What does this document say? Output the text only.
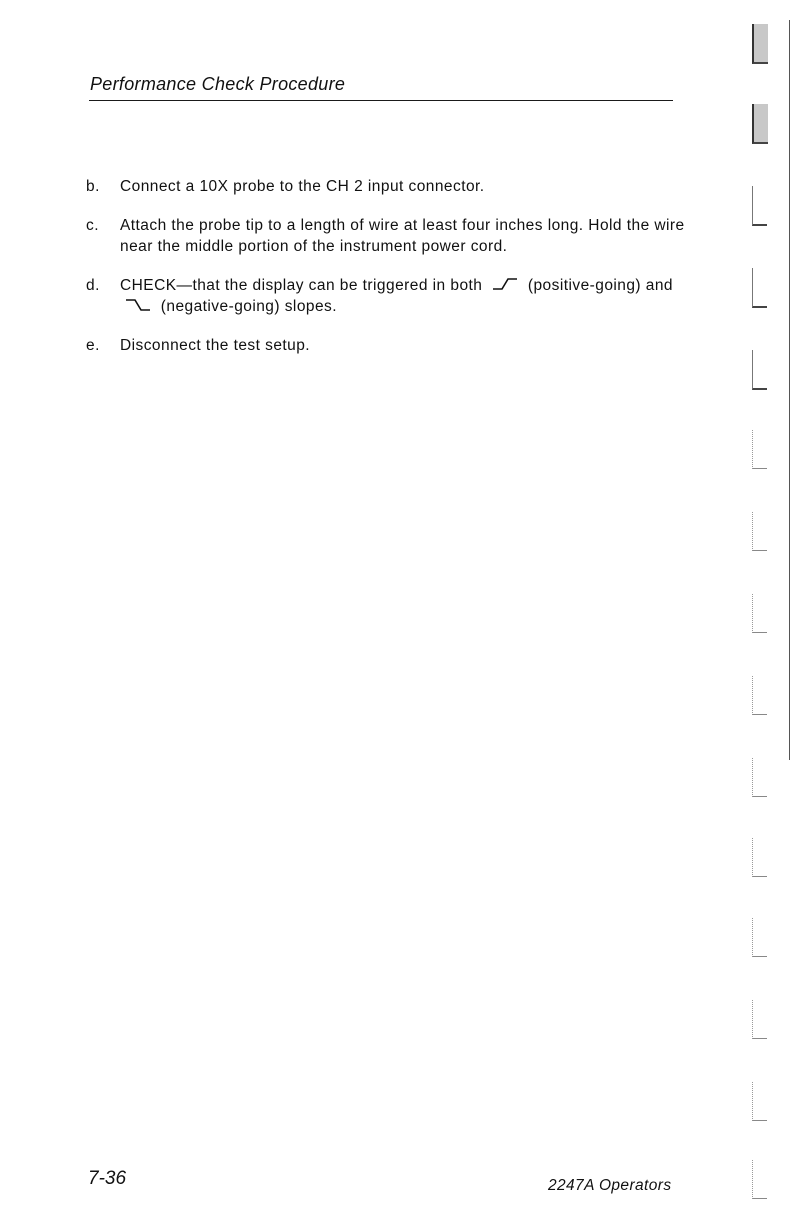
Performance Check Procedure
b. Connect a 10X probe to the CH 2 input connector.
c. Attach the probe tip to a length of wire at least four inches long. Hold the wire near the middle portion of the instrument power cord.
d. CHECK—that the display can be triggered in both	(positive-going) and  (negative-going) slopes.
e. Disconnect the test setup.
7-36	2247A Operators
